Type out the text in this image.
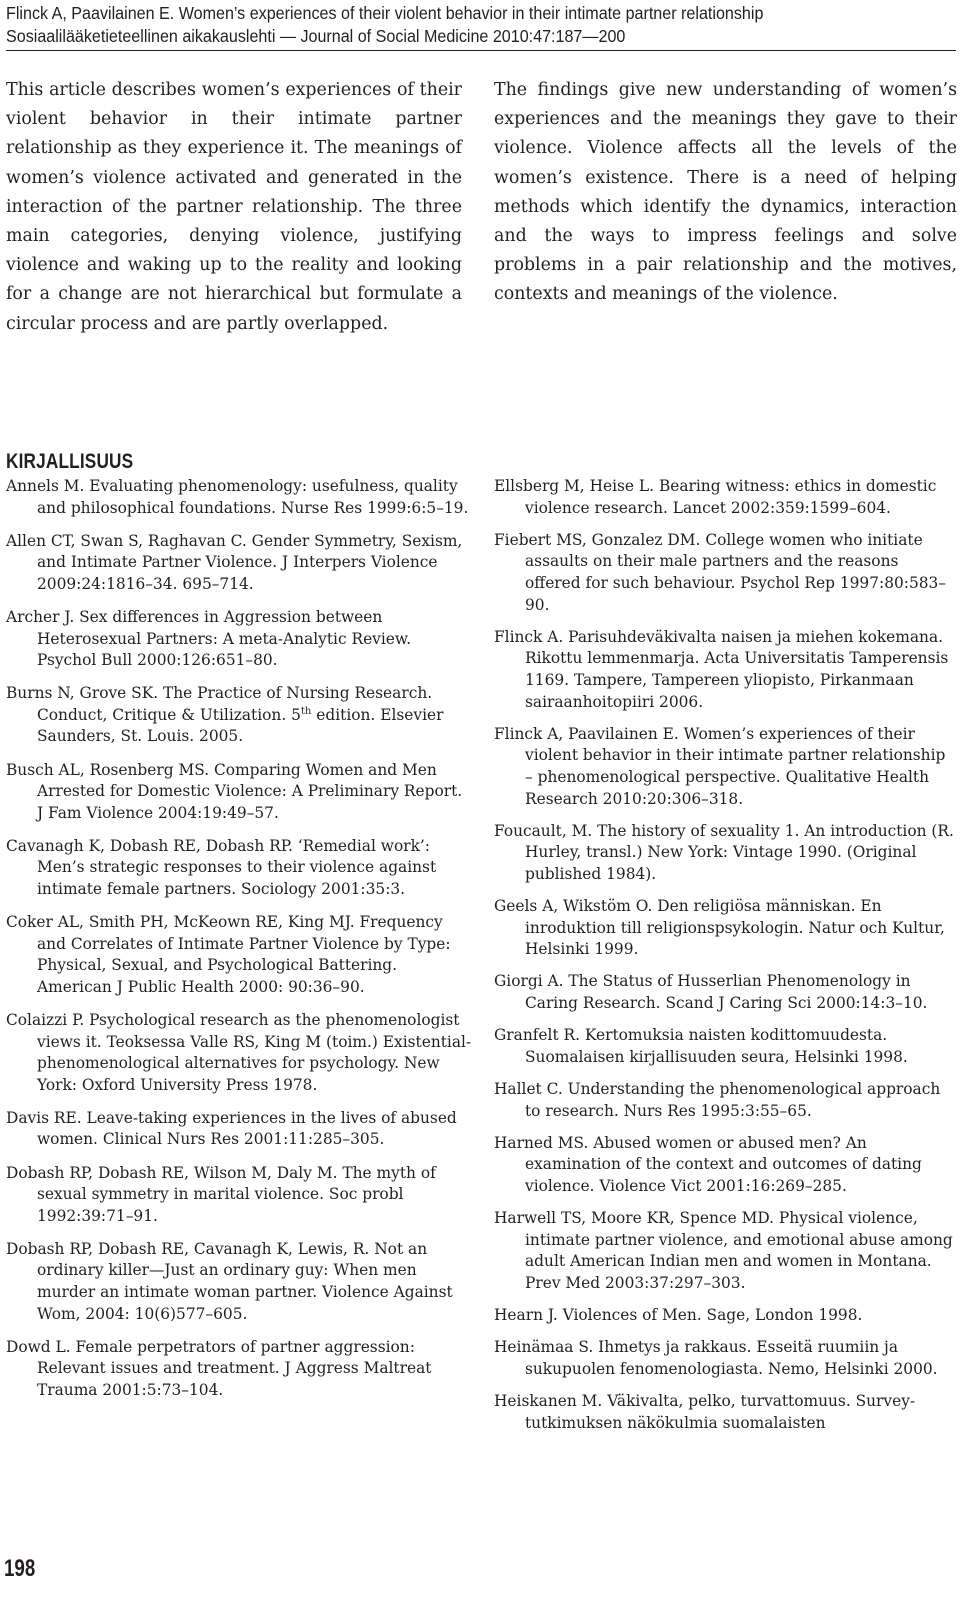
Flinck A, Paavilainen E. Women’s experiences of their violent behavior in their intimate partner relationship
Sosiaalilääketieteellinen aikakauslehti — Journal of Social Medicine 2010:47:187—200

This article describes women’s experiences of their violent behavior in their intimate partner relationship as they experience it. The meanings of women’s violence activated and generated in the interaction of the partner relationship. The three main categories, denying violence, justifying violence and waking up to the reality and looking for a change are not hierarchical but formulate a circular process and are partly overlapped.

The findings give new understanding of women’s experiences and the meanings they gave to their violence. Violence affects all the levels of the women’s existence. There is a need of helping methods which identify the dynamics, interaction and the ways to impress feelings and solve problems in a pair relationship and the motives, contexts and meanings of the violence.

KIRJALLISUUS

Annels M. Evaluating phenomenology: usefulness, quality and philosophical foundations. Nurse Res 1999:6:5–19.

Allen CT, Swan S, Raghavan C. Gender Symmetry, Sexism, and Intimate Partner Violence. J Interpers Violence 2009:24:1816–34. 695–714.

Archer J. Sex differences in Aggression between Heterosexual Partners: A meta-Analytic Review. Psychol Bull 2000:126:651–80.

Burns N, Grove SK. The Practice of Nursing Research. Conduct, Critique & Utilization. 5th edition. Elsevier Saunders, St. Louis. 2005.

Busch AL, Rosenberg MS. Comparing Women and Men Arrested for Domestic Violence: A Preliminary Report. J Fam Violence 2004:19:49–57.

Cavanagh K, Dobash RE, Dobash RP. ‘Remedial work’: Men’s strategic responses to their violence against intimate female partners. Sociology 2001:35:3.

Coker AL, Smith PH, McKeown RE, King MJ. Frequency and Correlates of Intimate Partner Violence by Type: Physical, Sexual, and Psychological Battering. American J Public Health 2000: 90:36–90.

Colaizzi P. Psychological research as the phenomenologist views it. Teoksessa Valle RS, King M (toim.) Existential-phenomenological alternatives for psychology. New York: Oxford University Press 1978.

Davis RE. Leave-taking experiences in the lives of abused women. Clinical Nurs Res 2001:11:285–305.

Dobash RP, Dobash RE, Wilson M, Daly M. The myth of sexual symmetry in marital violence. Soc probl 1992:39:71–91.

Dobash RP, Dobash RE, Cavanagh K, Lewis, R. Not an ordinary killer—Just an ordinary guy: When men murder an intimate woman partner. Violence Against Wom, 2004: 10(6)577–605.

Dowd L. Female perpetrators of partner aggression: Relevant issues and treatment. J Aggress Maltreat Trauma 2001:5:73–104.

Ellsberg M, Heise L. Bearing witness: ethics in domestic violence research. Lancet 2002:359:1599–604.

Fiebert MS, Gonzalez DM. College women who initiate assaults on their male partners and the reasons offered for such behaviour. Psychol Rep 1997:80:583–90.

Flinck A. Parisuhdeväkivalta naisen ja miehen kokemana. Rikottu lemmenmarja. Acta Universitatis Tamperensis 1169. Tampere, Tampereen yliopisto, Pirkanmaan sairaanhoitopiiri 2006.

Flinck A, Paavilainen E. Women’s experiences of their violent behavior in their intimate partner relationship – phenomenological perspective. Qualitative Health Research 2010:20:306–318.

Foucault, M. The history of sexuality 1. An introduction (R. Hurley, transl.) New York: Vintage 1990. (Original published 1984).

Geels A, Wikstöm O. Den religiösa människan. En inroduktion till religionspsykologin. Natur och Kultur, Helsinki 1999.

Giorgi A. The Status of Husserlian Phenomenology in Caring Research. Scand J Caring Sci 2000:14:3–10.

Granfelt R. Kertomuksia naisten kodittomuudesta. Suomalaisen kirjallisuuden seura, Helsinki 1998.

Hallet C. Understanding the phenomenological approach to research. Nurs Res 1995:3:55–65.

Harned MS. Abused women or abused men? An examination of the context and outcomes of dating violence. Violence Vict 2001:16:269–285.

Harwell TS, Moore KR, Spence MD. Physical violence, intimate partner violence, and emotional abuse among adult American Indian men and women in Montana. Prev Med 2003:37:297–303.

Hearn J. Violences of Men. Sage, London 1998.

Heinämaa S. Ihmetys ja rakkaus. Esseitä ruumiin ja sukupuolen fenomenologiasta. Nemo, Helsinki 2000.

Heiskanen M. Väkivalta, pelko, turvattomuus. Survey-tutkimuksen näkökulmia suomalaisten

198
